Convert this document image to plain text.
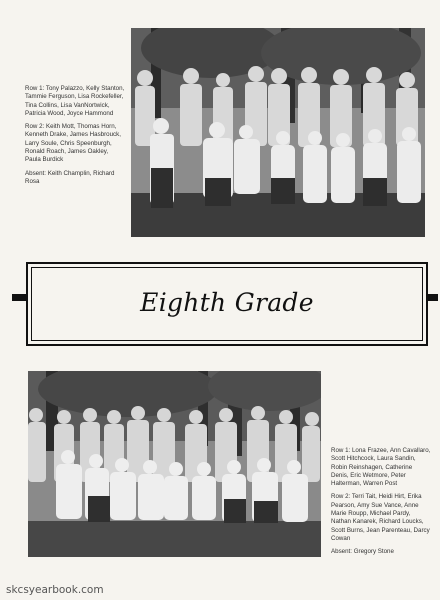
Row 1: Tony Palazzo, Kelly Stanton, Tammie Ferguson, Lisa Rockefeller, Tina Collins, Lisa VanNortwick, Patricia Wood, Joyce Hammond

Row 2: Keith Mott, Thomas Horn, Kenneth Drake, James Hasbrouck, Larry Soule, Chris Speenburgh, Ronald Roach, James Oakley, Paula Burdick

Absent: Keith Champlin, Richard Rosa

Eighth Grade

Row 1: Lona Frazee, Ann Cavallaro, Scott Hitchcock, Laura Sandin, Robin Reinshagen, Catherine Denis, Eric Wetmore, Peter Halterman, Warren Post

Row 2: Terri Tait, Heidi Hirt, Erika Pearson, Amy Sue Vance, Anne Marie Roupp, Michael Pardy, Nathan Kanarek, Richard Loucks, Scott Burns, Jean Parenteau, Darcy Cowan

Absent: Gregory Stone

skcsyearbook.com
